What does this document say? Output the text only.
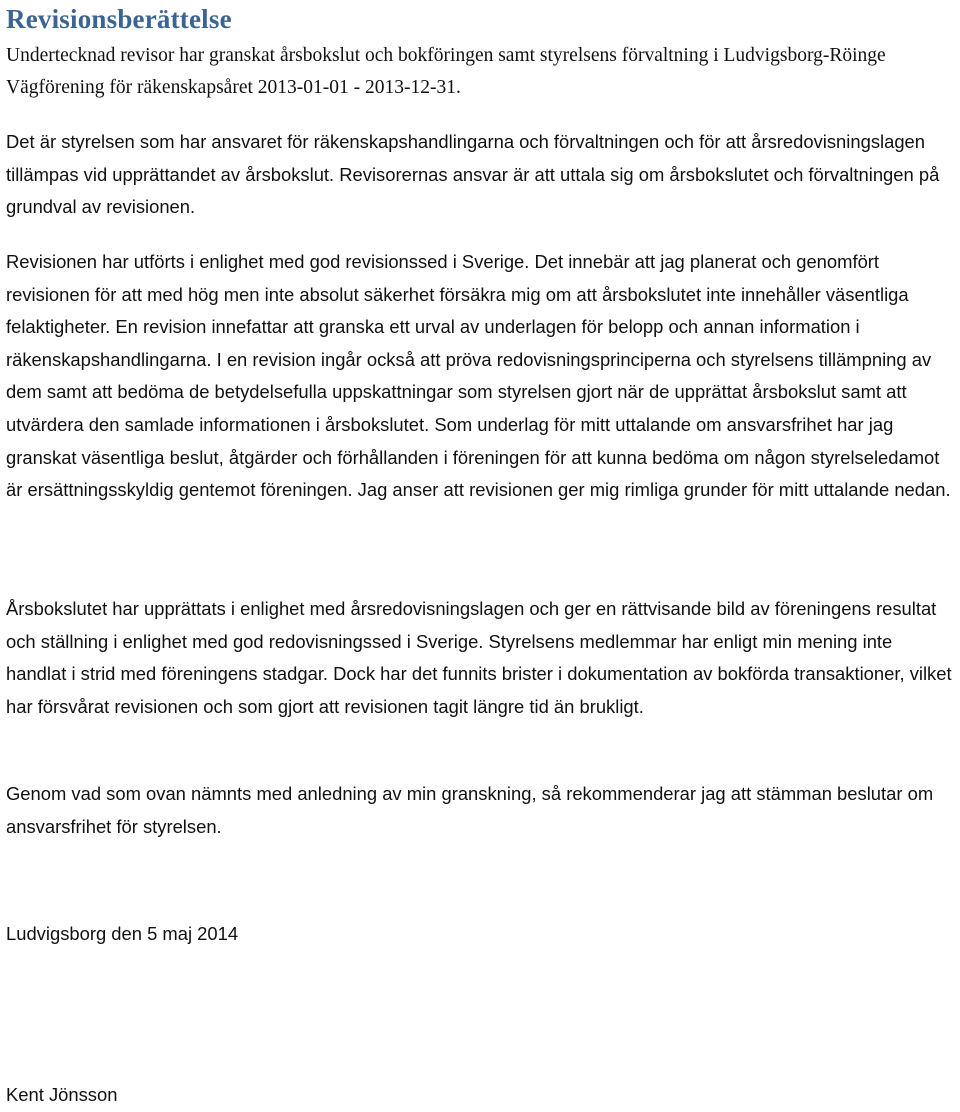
Revisionsberättelse

Undertecknad revisor har granskat årsbokslut och bokföringen samt styrelsens förvaltning i Ludvigsborg-Röinge Vägförening för räkenskapsåret 2013-01-01 - 2013-12-31.

Det är styrelsen som har ansvaret för räkenskapshandlingarna och förvaltningen och för att årsredovisningslagen tillämpas vid upprättandet av årsbokslut. Revisorernas ansvar är att uttala sig om årsbokslutet och förvaltningen på grundval av revisionen.

Revisionen har utförts i enlighet med god revisionssed i Sverige. Det innebär att jag planerat och genomfört revisionen för att med hög men inte absolut säkerhet försäkra mig om att årsbokslutet inte innehåller väsentliga felaktigheter. En revision innefattar att granska ett urval av underlagen för belopp och annan information i räkenskapshandlingarna. I en revision ingår också att pröva redovisningsprinciperna och styrelsens tillämpning av dem samt att bedöma de betydelsefulla uppskattningar som styrelsen gjort när de upprättat årsbokslut samt att utvärdera den samlade informationen i årsbokslutet. Som underlag för mitt uttalande om ansvarsfrihet har jag granskat väsentliga beslut, åtgärder och förhållanden i föreningen för att kunna bedöma om någon styrelseledamot är ersättningsskyldig gentemot föreningen. Jag anser att revisionen ger mig rimliga grunder för mitt uttalande nedan.

Årsbokslutet har upprättats i enlighet med årsredovisningslagen och ger en rättvisande bild av föreningens resultat och ställning i enlighet med god redovisningssed i Sverige. Styrelsens medlemmar har enligt min mening inte handlat i strid med föreningens stadgar. Dock har det funnits brister i dokumentation av bokförda transaktioner, vilket har försvårat revisionen och som gjort att revisionen tagit längre tid än brukligt.

Genom vad som ovan nämnts med anledning av min granskning, så rekommenderar jag att stämman beslutar om ansvarsfrihet för styrelsen.

Ludvigsborg den 5 maj 2014

Kent Jönsson
